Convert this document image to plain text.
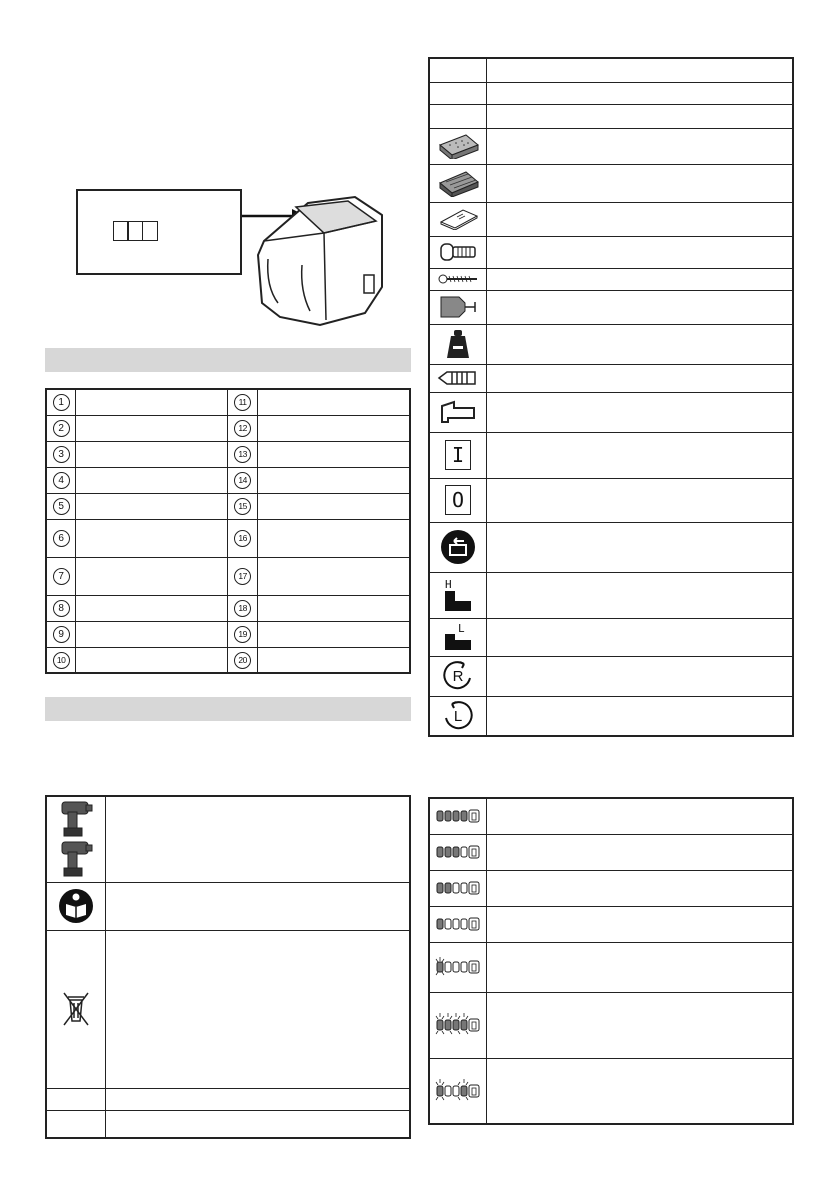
1		11	
2		12	
3		13	
4		14	
5		15	
6		16	
7		17	
8		18	
9		19	
10		20	

I	
O	

H	

L	

R	

L	
